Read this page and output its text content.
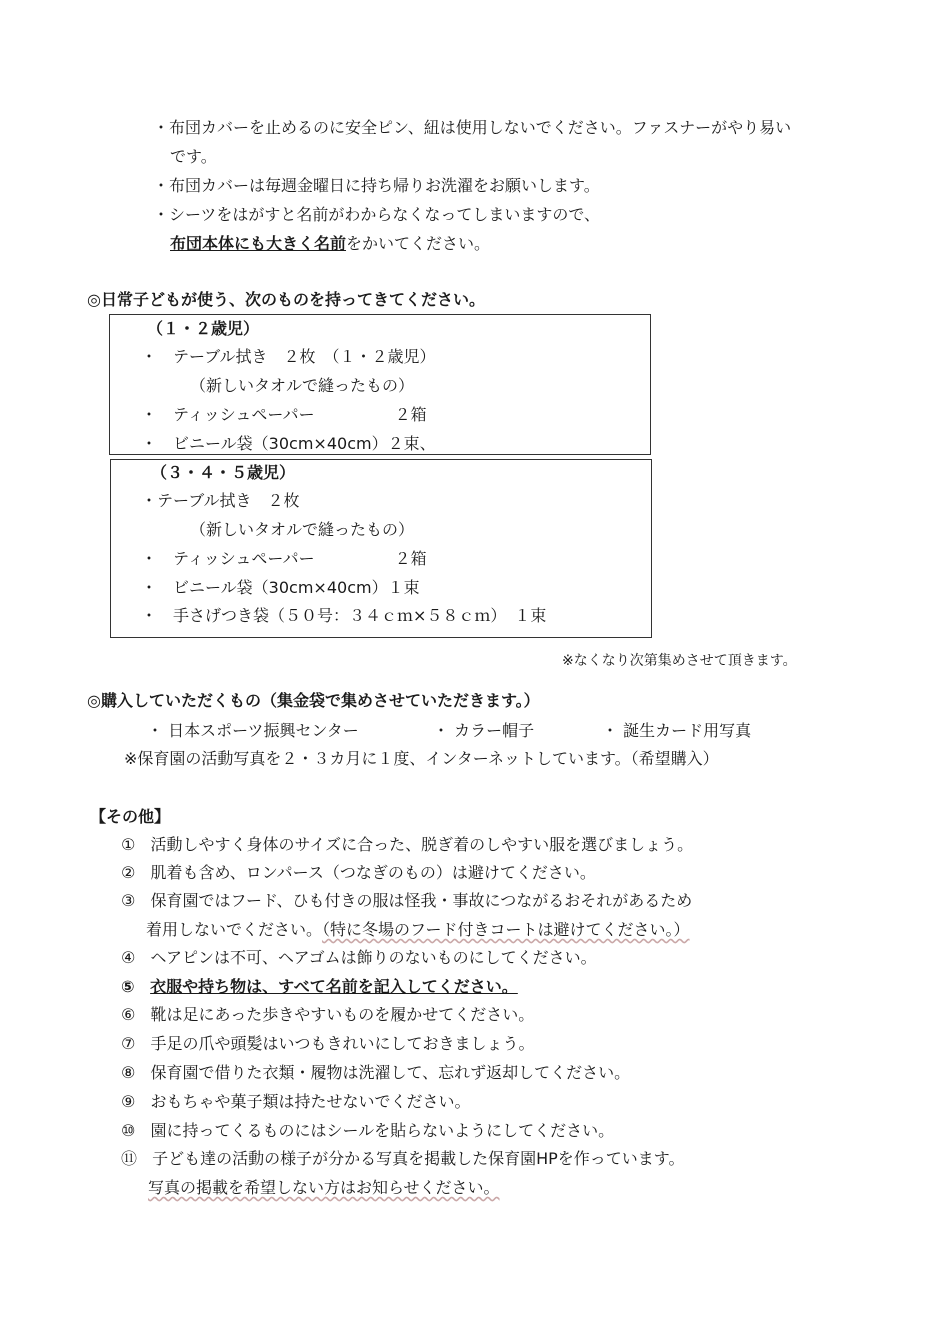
・布団カバーを止めるのに安全ピン、紐は使用しないでください。ファスナーがやり易い
です。
・布団カバーは毎週金曜日に持ち帰りお洗濯をお願いします。
・シーツをはがすと名前がわからなくなってしまいますので、
布団本体にも大きく名前をかいてください。
◎日常子どもが使う、次のものを持ってきてください。
（１・２歳児）
・　テーブル拭き　２枚　（１・２歳児）
（新しいタオルで縫ったもの）
・　ティッシュペーパー　　　　　２箱
・　ビニール袋（30cm×40cm）２束、
（３・４・５歳児）
・テーブル拭き　２枚
（新しいタオルで縫ったもの）
・　ティッシュペーパー　　　　　２箱
・　ビニール袋（30cm×40cm）１束
・　手さげつき袋（５０号：３４ｃｍ×５８ｃｍ）　１束
※なくなり次第集めさせて頂きます。
◎購入していただくもの（集金袋で集めさせていただきます。）
・ 日本スポーツ振興センター	・ カラー帽子	・ 誕生カード用写真
※保育園の活動写真を２・３カ月に１度、インターネットしています。（希望購入）
【その他】
① 活動しやすく身体のサイズに合った、脱ぎ着のしやすい服を選びましょう。
② 肌着も含め、ロンパース（つなぎのもの）は避けてください。
③ 保育園ではフード、ひも付きの服は怪我・事故につながるおそれがあるため
着用しないでください。（特に冬場のフード付きコートは避けてください。）
④ ヘアピンは不可、ヘアゴムは飾りのないものにしてください。
⑤ 衣服や持ち物は、すべて名前を記入してください。
⑥ 靴は足にあった歩きやすいものを履かせてください。
⑦ 手足の爪や頭髪はいつもきれいにしておきましょう。
⑧ 保育園で借りた衣類・履物は洗濯して、忘れず返却してください。
⑨ おもちゃや菓子類は持たせないでください。
⑩ 園に持ってくるものにはシールを貼らないようにしてください。
⑪ 子ども達の活動の様子が分かる写真を掲載した保育園HPを作っています。
写真の掲載を希望しない方はお知らせください。
